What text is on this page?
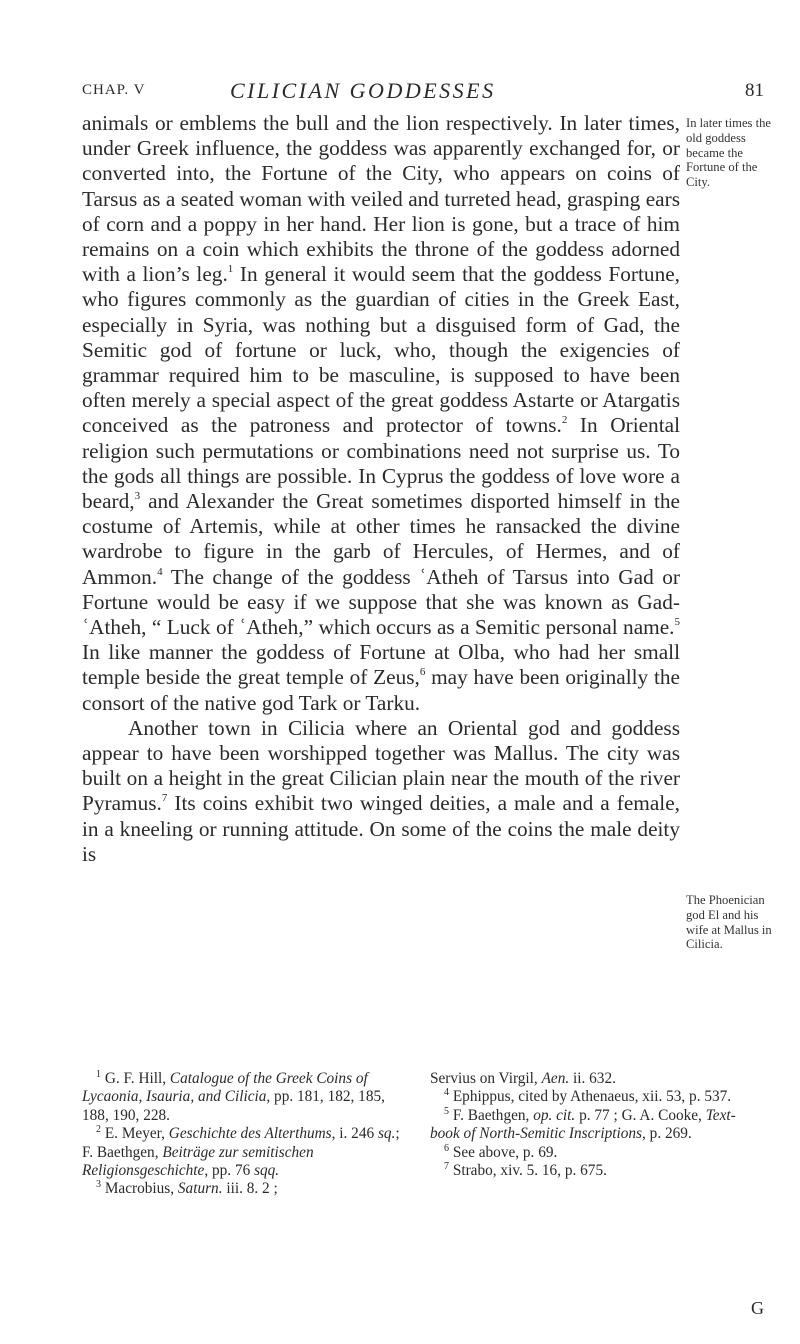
CHAP. V	CILICIAN GODDESSES	81

animals or emblems the bull and the lion respectively. In later times, under Greek influence, the goddess was apparently exchanged for, or converted into, the Fortune of the City, who appears on coins of Tarsus as a seated woman with veiled and turreted head, grasping ears of corn and a poppy in her hand. Her lion is gone, but a trace of him remains on a coin which exhibits the throne of the goddess adorned with a lion’s leg.$^1$ In general it would seem that the goddess Fortune, who figures commonly as the guardian of cities in the Greek East, especially in Syria, was nothing but a disguised form of Gad, the Semitic god of fortune or luck, who, though the exigencies of grammar required him to be masculine, is supposed to have been often merely a special aspect of the great goddess Astarte or Atargatis conceived as the patroness and protector of towns.$^2$ In Oriental religion such permutations or combinations need not surprise us. To the gods all things are possible. In Cyprus the goddess of love wore a beard,$^3$ and Alexander the Great sometimes disported himself in the costume of Artemis, while at other times he ransacked the divine wardrobe to figure in the garb of Hercules, of Hermes, and of Ammon.$^4$ The change of the goddess ʿAtheh of Tarsus into Gad or Fortune would be easy if we suppose that she was known as Gad-ʿAtheh, “ Luck of ʿAtheh,” which occurs as a Semitic personal name.$^5$ In like manner the goddess of Fortune at Olba, who had her small temple beside the great temple of Zeus,$^6$ may have been originally the consort of the native god Tark or Tarku.

Another town in Cilicia where an Oriental god and goddess appear to have been worshipped together was Mallus. The city was built on a height in the great Cilician plain near the mouth of the river Pyramus.$^7$ Its coins exhibit two winged deities, a male and a female, in a kneeling or running attitude. On some of the coins the male deity is

In later times the old goddess became the Fortune of the City.
The Phoenician god El and his wife at Mallus in Cilicia.

$^1$ G. F. Hill, Catalogue of the Greek Coins of Lycaonia, Isauria, and Cilicia, pp. 181, 182, 185, 188, 190, 228.

$^2$ E. Meyer, Geschichte des Alterthums, i. 246 sq.; F. Baethgen, Beiträge zur semitischen Religionsgeschichte, pp. 76 sqq.

$^3$ Macrobius, Saturn. iii. 8. 2 ;

Servius on Virgil, Aen. ii. 632.

$^4$ Ephippus, cited by Athenaeus, xii. 53, p. 537.

$^5$ F. Baethgen, op. cit. p. 77 ; G. A. Cooke, Text-book of North-Semitic Inscriptions, p. 269.

$^6$ See above, p. 69.

$^7$ Strabo, xiv. 5. 16, p. 675.

G
